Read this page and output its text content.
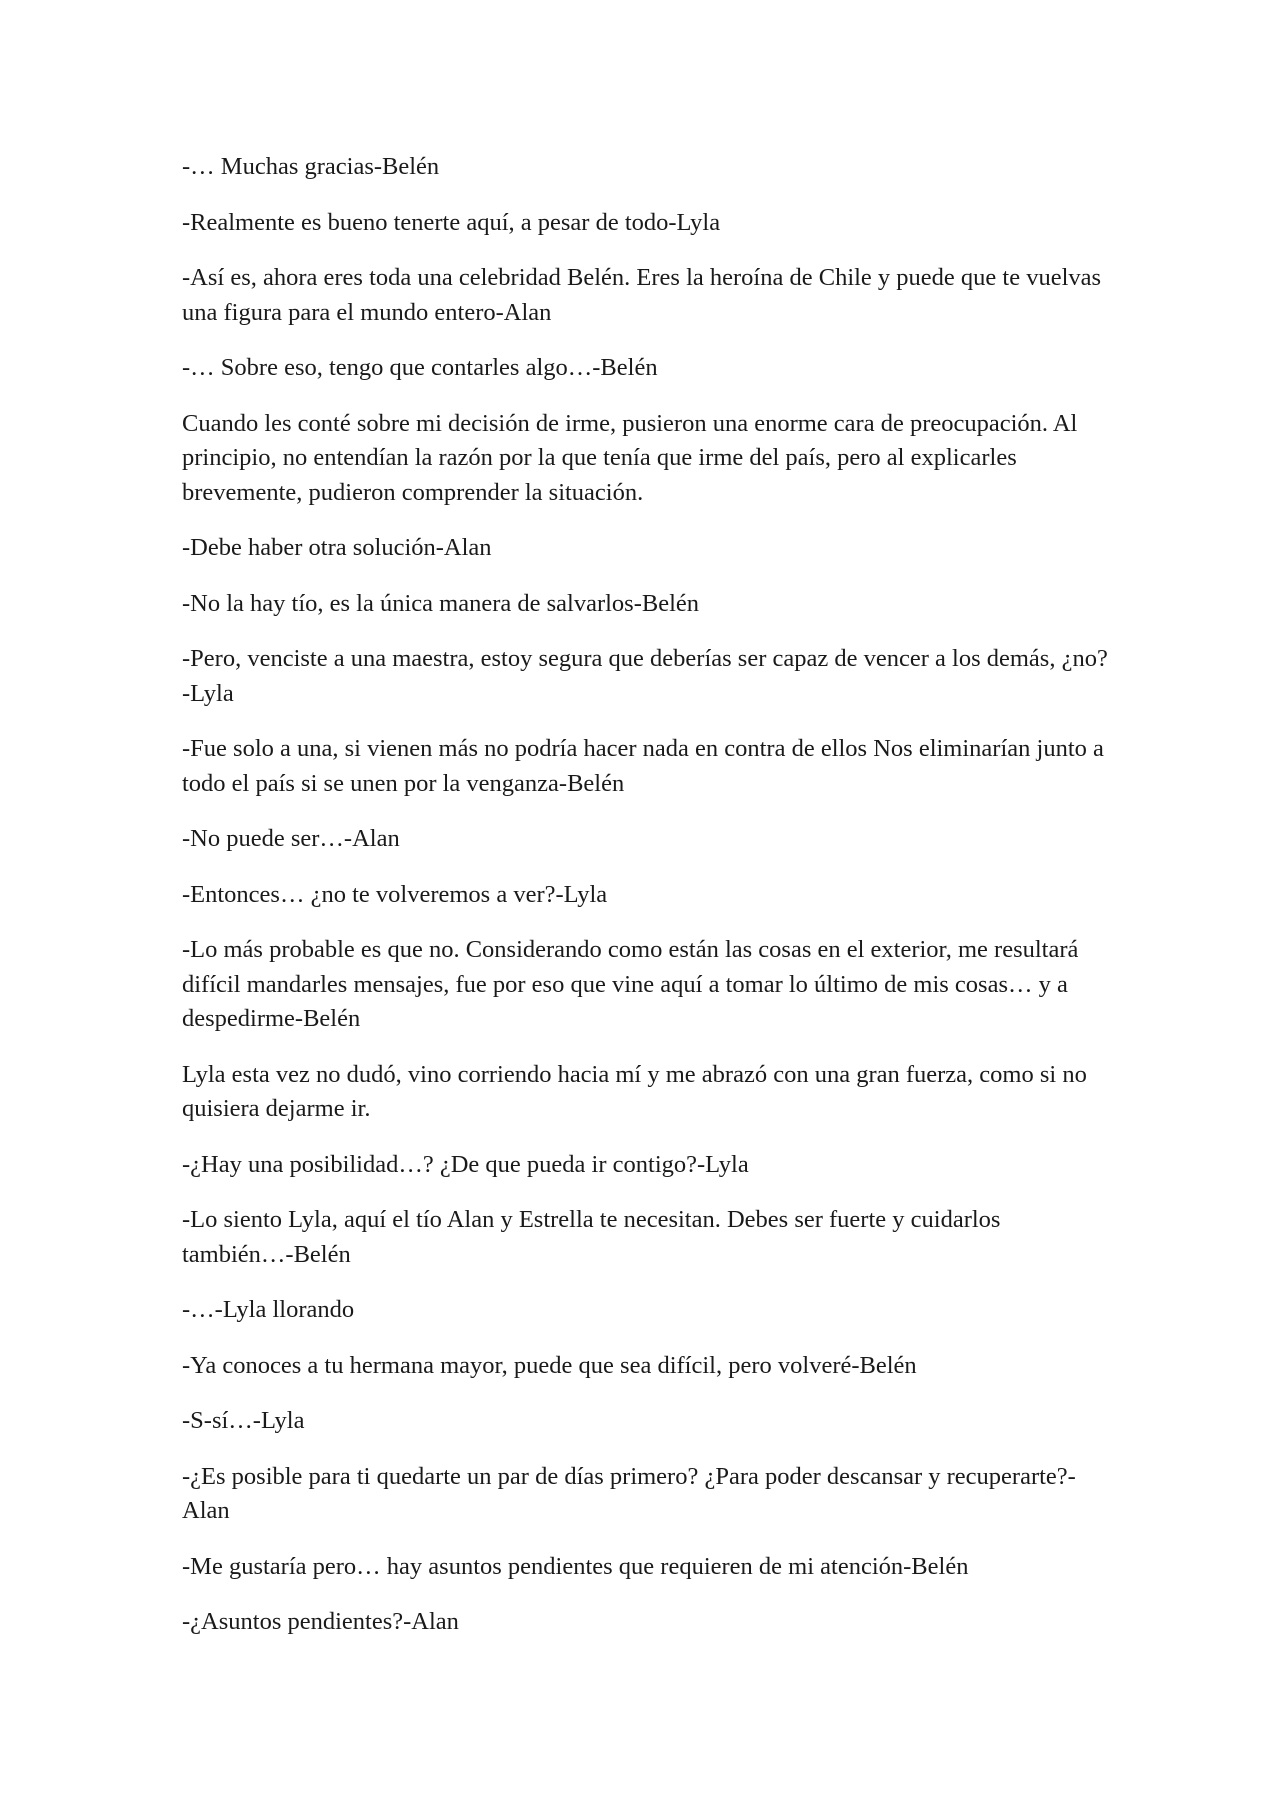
-… Muchas gracias-Belén

-Realmente es bueno tenerte aquí, a pesar de todo-Lyla

-Así es, ahora eres toda una celebridad Belén. Eres la heroína de Chile y puede que te vuelvas una figura para el mundo entero-Alan

-… Sobre eso, tengo que contarles algo…-Belén

Cuando les conté sobre mi decisión de irme, pusieron una enorme cara de preocupación. Al principio, no entendían la razón por la que tenía que irme del país, pero al explicarles brevemente, pudieron comprender la situación.

-Debe haber otra solución-Alan

-No la hay tío, es la única manera de salvarlos-Belén

-Pero, venciste a una maestra, estoy segura que deberías ser capaz de vencer a los demás, ¿no?-Lyla

-Fue solo a una, si vienen más no podría hacer nada en contra de ellos Nos eliminarían junto a todo el país si se unen por la venganza-Belén

-No puede ser…-Alan

-Entonces… ¿no te volveremos a ver?-Lyla

-Lo más probable es que no. Considerando como están las cosas en el exterior, me resultará difícil mandarles mensajes, fue por eso que vine aquí a tomar lo último de mis cosas… y a despedirme-Belén

Lyla esta vez no dudó, vino corriendo hacia mí y me abrazó con una gran fuerza, como si no quisiera dejarme ir.

-¿Hay una posibilidad…? ¿De que pueda ir contigo?-Lyla

-Lo siento Lyla, aquí el tío Alan y Estrella te necesitan. Debes ser fuerte y cuidarlos también…-Belén

-…-Lyla llorando

-Ya conoces a tu hermana mayor, puede que sea difícil, pero volveré-Belén

-S-sí…-Lyla

-¿Es posible para ti quedarte un par de días primero? ¿Para poder descansar y recuperarte?-Alan

-Me gustaría pero… hay asuntos pendientes que requieren de mi atención-Belén

-¿Asuntos pendientes?-Alan
